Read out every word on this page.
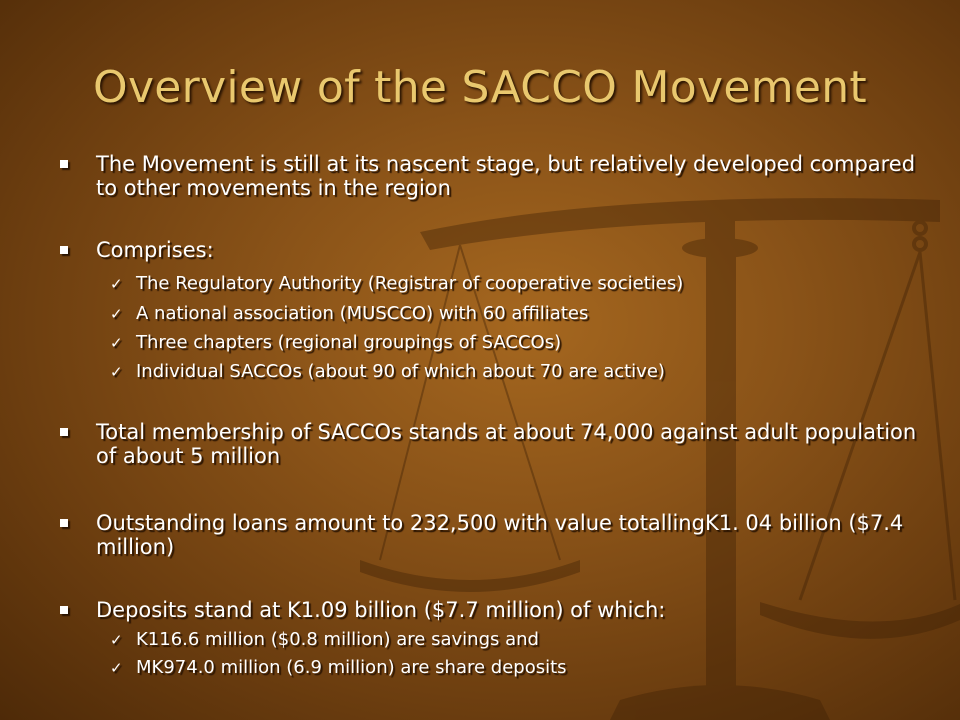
Overview of the SACCO Movement
The Movement is still at its nascent stage, but relatively developed compared to other movements in the region
Comprises:
✓ The Regulatory Authority (Registrar of cooperative societies)
✓ A national association (MUSCCO) with 60 affiliates
✓ Three chapters (regional groupings of SACCOs)
✓ Individual SACCOs (about 90 of which about 70 are active)
Total membership of SACCOs stands at about 74,000 against adult population of about 5 million
Outstanding loans amount to 232,500 with value totallingK1. 04 billion ($7.4 million)
Deposits stand at K1.09 billion ($7.7 million) of which:
✓ K116.6 million ($0.8 million) are savings and
✓ MK974.0 million (6.9 million) are share deposits
